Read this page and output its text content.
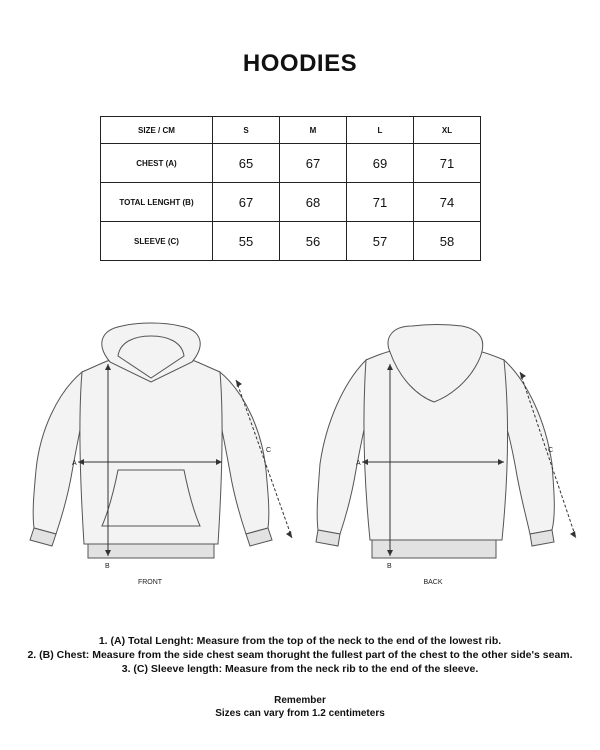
HOODIES
SIZE / CM	S	M	L	XL
CHEST (A)	65	67	69	71
TOTAL LENGHT (B)	67	68	71	74
SLEEVE (C)	55	56	57	58
A
B
C
FRONT
A
B
C
BACK
1. (A) Total Lenght: Measure from the top of the neck to the end of the lowest rib.
2. (B) Chest: Measure from the side chest seam thorught the fullest part of the chest to the other side's seam.
3. (C) Sleeve length: Measure from the neck rib to the end of the sleeve.
Remember
Sizes can vary from 1.2 centimeters
